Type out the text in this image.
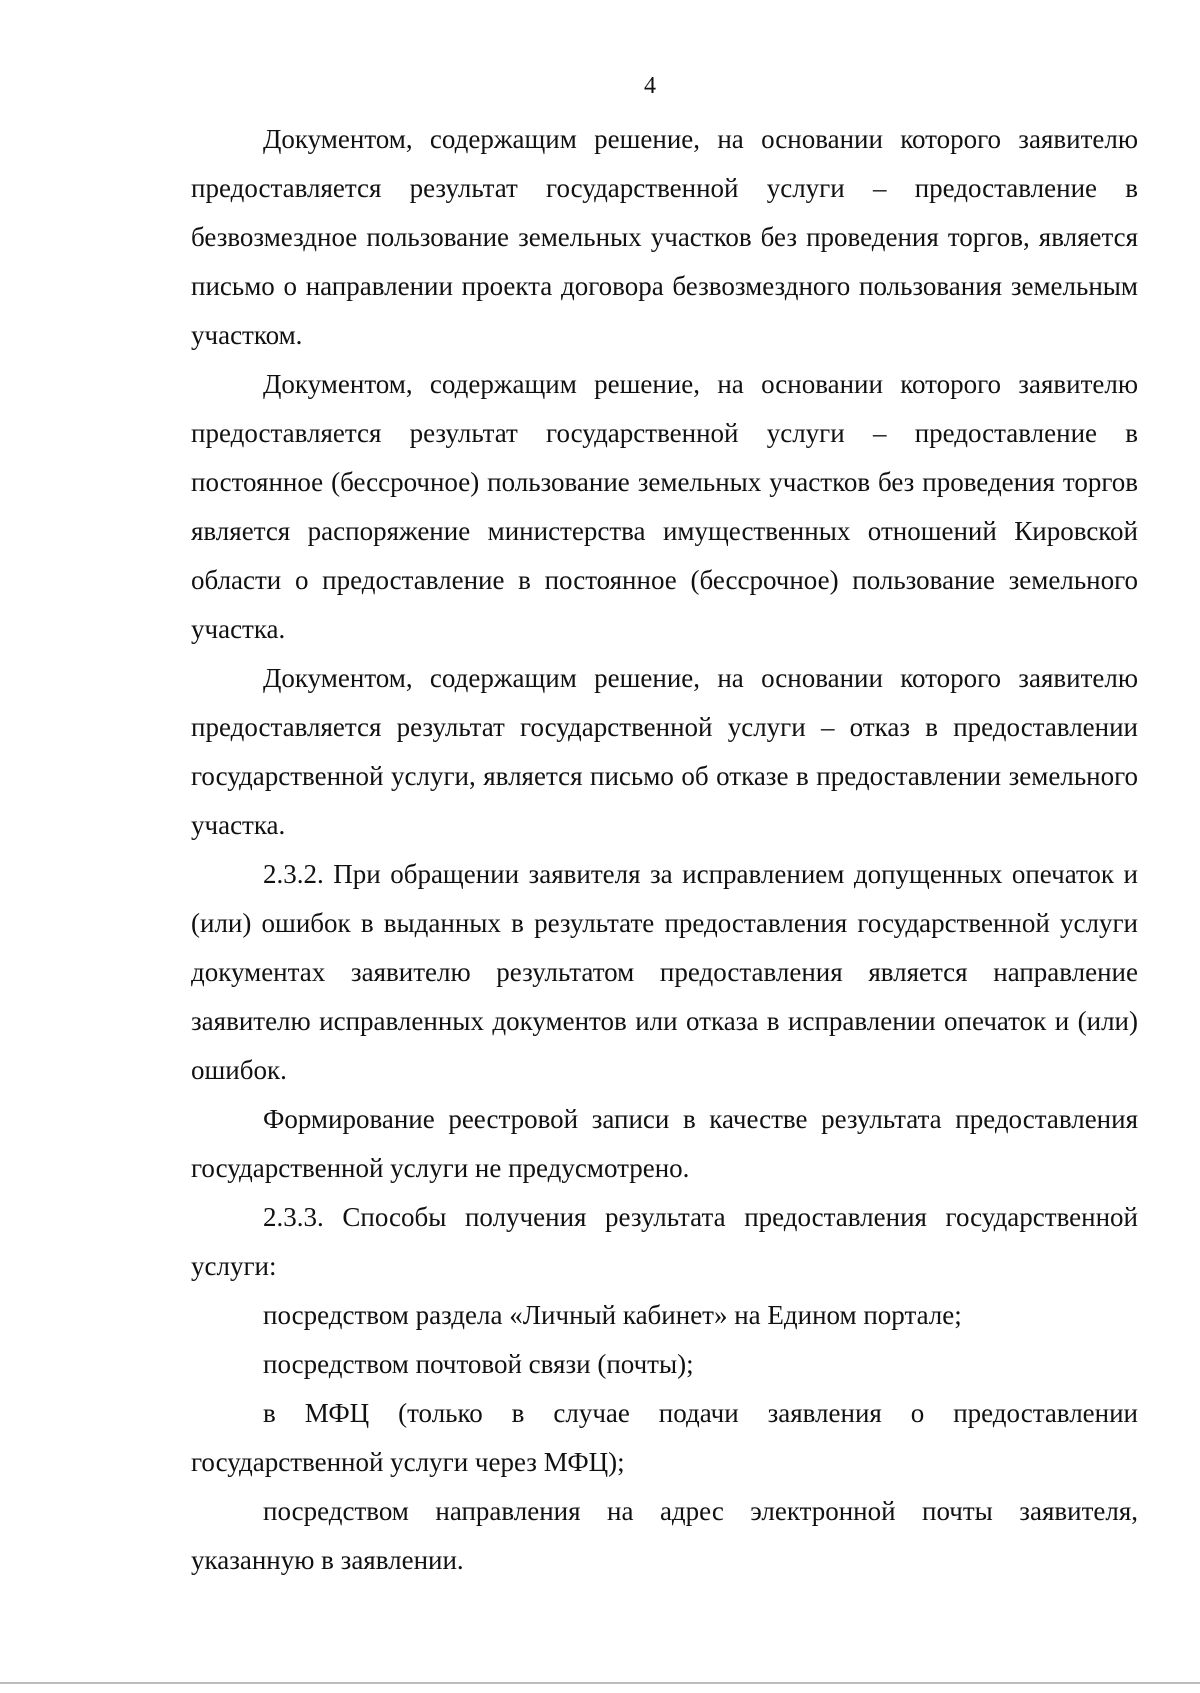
4

Документом, содержащим решение, на основании которого заявителю предоставляется результат государственной услуги – предоставление в безвозмездное пользование земельных участков без проведения торгов, является письмо о направлении проекта договора безвозмездного пользования земельным участком.

Документом, содержащим решение, на основании которого заявителю предоставляется результат государственной услуги – предоставление в постоянное (бессрочное) пользование земельных участков без проведения торгов является распоряжение министерства имущественных отношений Кировской области о предоставление в постоянное (бессрочное) пользование земельного участка.

Документом, содержащим решение, на основании которого заявителю предоставляется результат государственной услуги – отказ в предоставлении государственной услуги, является письмо об отказе в предоставлении земельного участка.

2.3.2. При обращении заявителя за исправлением допущенных опечаток и (или) ошибок в выданных в результате предоставления государственной услуги документах заявителю результатом предоставления является направление заявителю исправленных документов или отказа в исправлении опечаток и (или) ошибок.

Формирование реестровой записи в качестве результата предоставления государственной услуги не предусмотрено.

2.3.3. Способы получения результата предоставления государственной услуги:

посредством раздела «Личный кабинет» на Едином портале;

посредством почтовой связи (почты);

в МФЦ (только в случае подачи заявления о предоставлении государственной услуги через МФЦ);

посредством направления на адрес электронной почты заявителя, указанную в заявлении.
